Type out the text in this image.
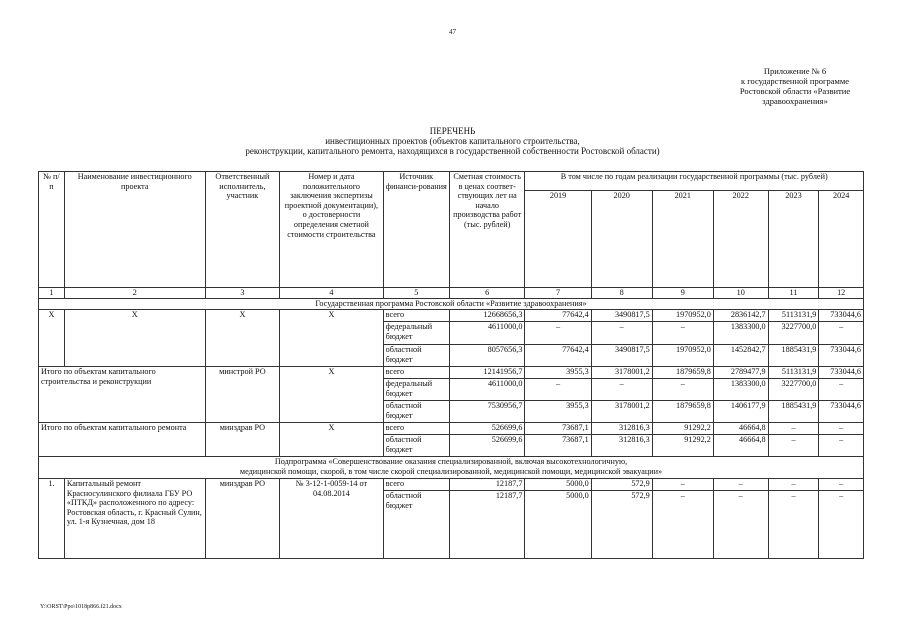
47
Приложение № 6
к государственной программе
Ростовской области «Развитие
здравоохранения»
ПЕРЕЧЕНЬ
инвестиционных проектов (объектов капитального строительства,
реконструкции, капитального ремонта, находящихся в государственной собственности Ростовской области)
№ п/п	Наименование инвестиционного проекта	Ответственный исполнитель, участник	Номер и дата положительного заключения экспертизы проектной документации), о достоверности определения сметной стоимости строительства	Источник финанси-рования	Сметная стоимость в ценах соответ-ствующих лет на начало производства работ (тыс. рублей)	В том числе по годам реализации государственной программы (тыс. рублей)					
						2019	2020	2021	2022	2023	2024
1	2	3	4	5	6	7	8	9	10	11	12
Государственная программа Ростовской области «Развитие здравоохранения»											
Х	Х	Х	Х	всего	12668656,3	77642,4	3490817,5	1970952,0	2836142,7	5113131,9	733044,6
				федеральный бюджет	4611000,0	–	–	–	1383300,0	3227700,0	–
				областной бюджет	8057656,3	77642,4	3490817,5	1970952,0	1452842,7	1885431,9	733044,6
Итого по объектам капитального строительства и реконструкции		минстрой РО	Х	всего	12141956,7	3955,3	3178001,2	1879659,8	2789477,9	5113131,9	733044,6
				федеральный бюджет	4611000,0	–	–	–	1383300,0	3227700,0	–
				областной бюджет	7530956,7	3955,3	3178001,2	1879659,8	1406177,9	1885431,9	733044,6
Итого по объектам капитального ремонта		минздрав РО	Х	всего	526699,6	73687,1	312816,3	91292,2	46664,8	–	–
				областной бюджет	526699,6	73687,1	312816,3	91292,2	46664,8	–	–

Подпрограмма «Совершенствование оказания специализированной, включая высокотехнологичную,
медицинской помощи, скорой, в том числе скорой специализированной, медицинской помощи, медицинской эвакуации»											

1.	Капитальный ремонт Красносулинского филиала ГБУ РО «ПТКД» расположенного по адресу: Ростовская область, г. Красный Сулин, ул. 1-я Кузнечная, дом 18	минздрав РО	№ 3-12-1-0059-14 от 04.08.2014	всего	12187,7	5000,0	572,9	–	–	–	–
				областной бюджет	12187,7	5000,0	572,9	–	–	–	–
Y:\ORST\Ppo\1018p866.f21.docx
